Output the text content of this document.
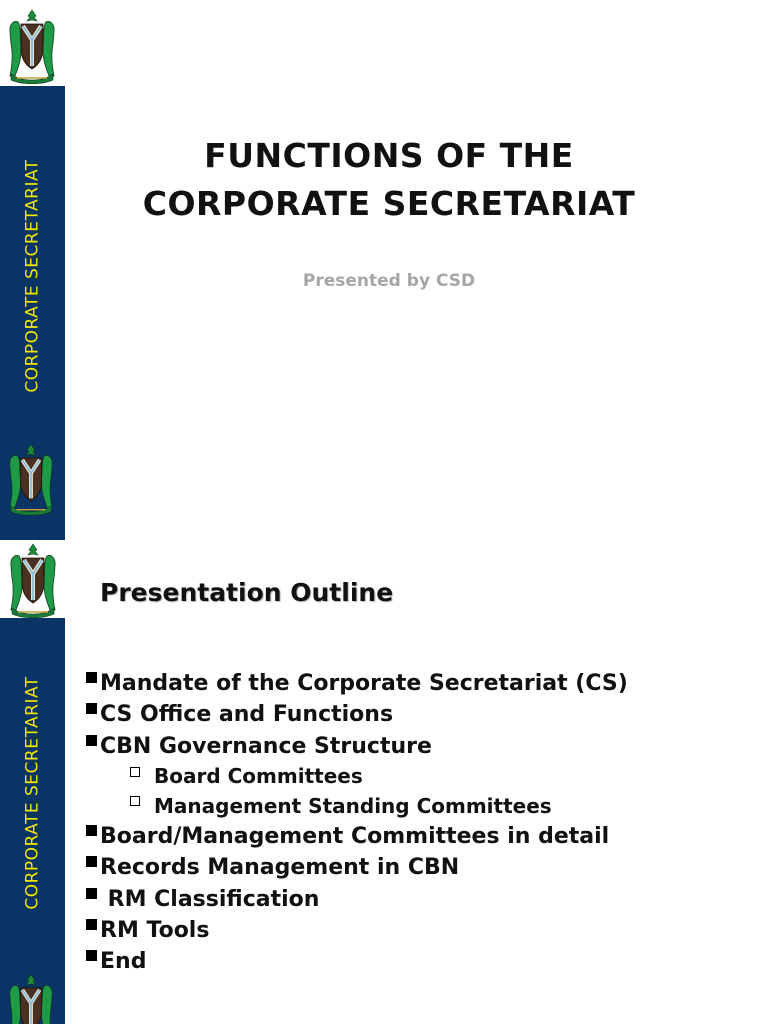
CORPORATE SECRETARIAT
FUNCTIONS OF THE
CORPORATE SECRETARIAT
Presented by CSD
CORPORATE SECRETARIAT
Presentation Outline
Mandate of the Corporate Secretariat (CS)
CS Office and Functions
CBN Governance Structure
Board Committees
Management Standing Committees
Board/Management Committees in detail
Records Management in CBN
RM Classification
RM Tools
End
